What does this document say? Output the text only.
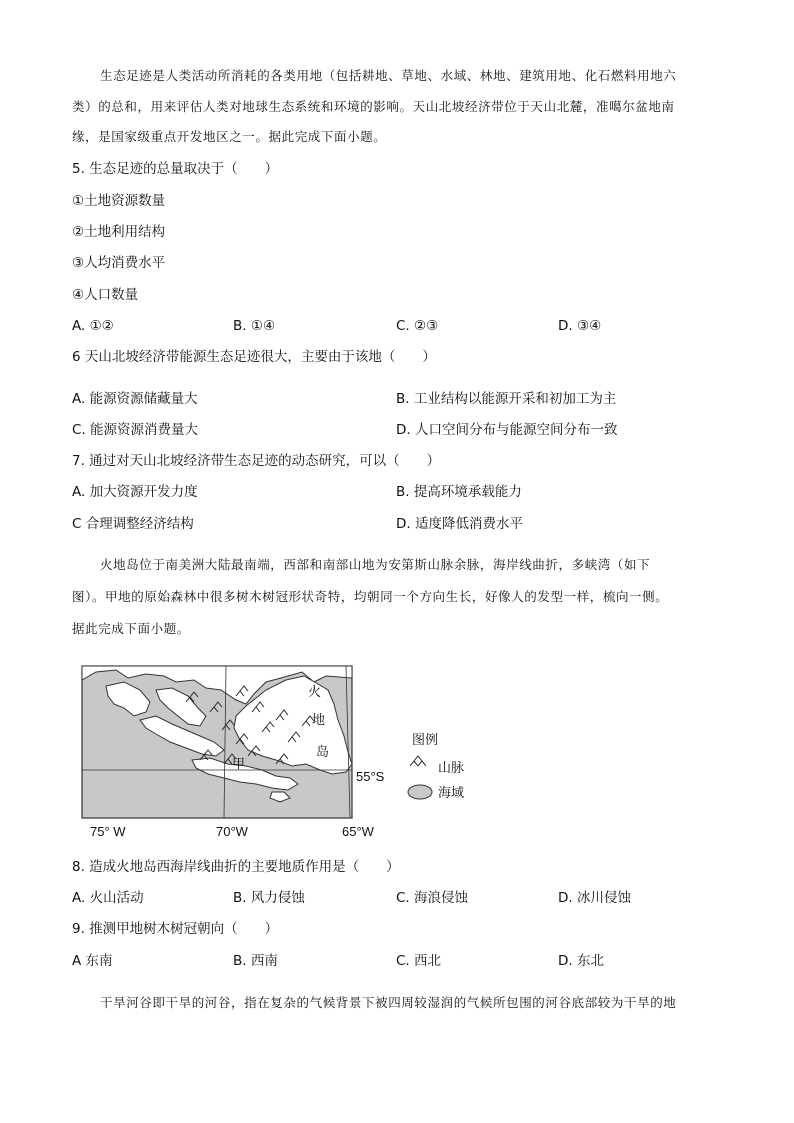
生态足迹是人类活动所消耗的各类用地（包括耕地、草地、水域、林地、建筑用地、化石燃料用地六
类）的总和，用来评估人类对地球生态系统和环境的影响。天山北坡经济带位于天山北麓，准噶尔盆地南
缘，是国家级重点开发地区之一。据此完成下面小题。
5. 生态足迹的总量取决于（　　）
①土地资源数量
②土地利用结构
③人均消费水平
④人口数量
A. ①②	B. ①④	C. ②③	D. ③④
6 天山北坡经济带能源生态足迹很大，主要由于该地（　　）
A. 能源资源储藏量大	B. 工业结构以能源开采和初加工为主
C. 能源资源消费量大	D. 人口空间分布与能源空间分布一致
7. 通过对天山北坡经济带生态足迹的动态研究，可以（　　）
A. 加大资源开发力度	B. 提高环境承载能力
C 合理调整经济结构	D. 适度降低消费水平
火地岛位于南美洲大陆最南端，西部和南部山地为安第斯山脉余脉，海岸线曲折，多峡湾（如下
图）。甲地的原始森林中很多树木树冠形状奇特，均朝同一个方向生长，好像人的发型一样，梳向一侧。
据此完成下面小题。
火
地
岛
甲
55°S
75° W	70°W	65°W
图例
山脉
海域
8. 造成火地岛西海岸线曲折的主要地质作用是（　　）
A. 火山活动	B. 风力侵蚀	C. 海浪侵蚀	D. 冰川侵蚀
9. 推测甲地树木树冠朝向（　　）
A 东南	B. 西南	C. 西北	D. 东北
干旱河谷即干旱的河谷，指在复杂的气候背景下被四周较湿润的气候所包围的河谷底部较为干旱的地
